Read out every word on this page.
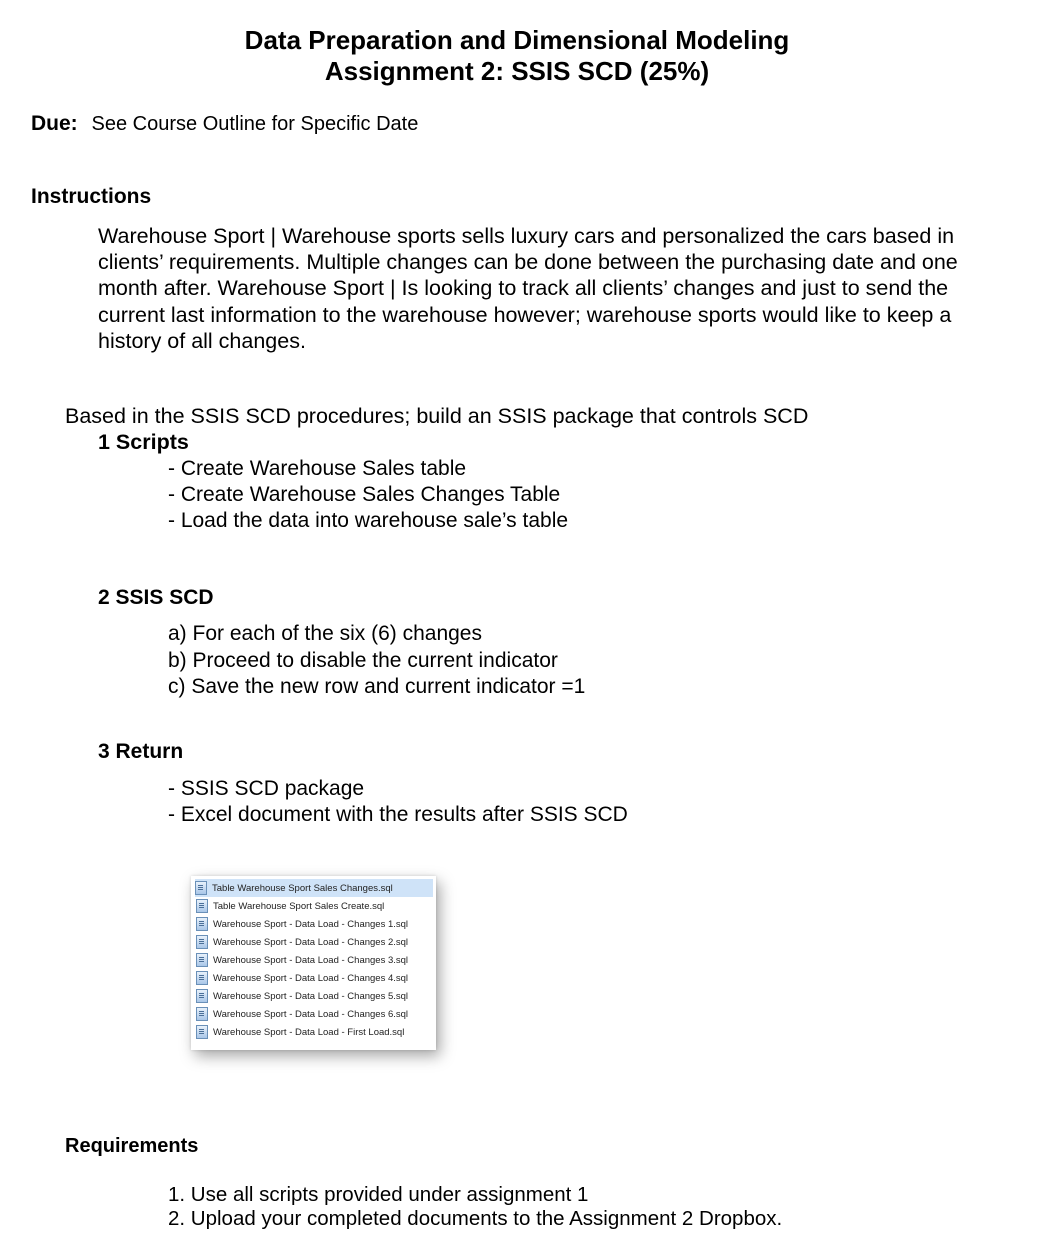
Data Preparation and Dimensional Modeling
Assignment 2: SSIS SCD (25%)
Due: See Course Outline for Specific Date
Instructions
Warehouse Sport | Warehouse sports sells luxury cars and personalized the cars based in clients’ requirements. Multiple changes can be done between the purchasing date and one month after. Warehouse Sport | Is looking to track all clients’ changes and just to send the current last information to the warehouse however; warehouse sports would like to keep a history of all changes.
Based in the SSIS SCD procedures; build an SSIS package that controls SCD
1 Scripts
- Create Warehouse Sales table
- Create Warehouse Sales Changes Table
- Load the data into warehouse sale’s table
2 SSIS SCD
a) For each of the six (6) changes
b) Proceed to disable the current indicator
c) Save the new row and current indicator =1
3 Return
- SSIS SCD package
- Excel document with the results after SSIS SCD
Table Warehouse Sport Sales Changes.sql
Table Warehouse Sport Sales Create.sql
Warehouse Sport - Data Load - Changes 1.sql
Warehouse Sport - Data Load - Changes 2.sql
Warehouse Sport - Data Load - Changes 3.sql
Warehouse Sport - Data Load - Changes 4.sql
Warehouse Sport - Data Load - Changes 5.sql
Warehouse Sport - Data Load - Changes 6.sql
Warehouse Sport - Data Load - First Load.sql
Requirements
1. Use all scripts provided under assignment 1
2. Upload your completed documents to the Assignment 2 Dropbox.
